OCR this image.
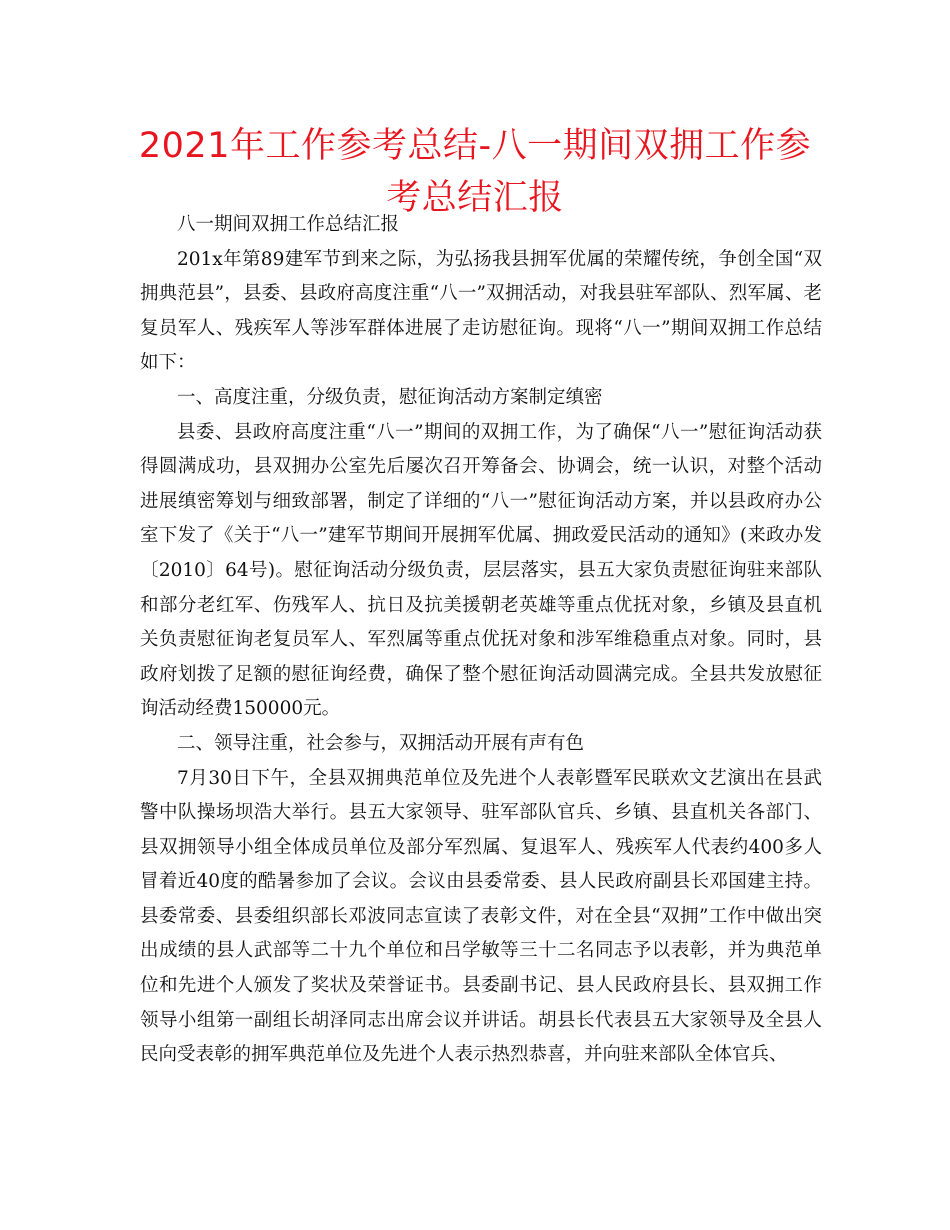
2021年工作参考总结-八一期间双拥工作参考总结汇报

八一期间双拥工作总结汇报

201x年第89建军节到来之际，为弘扬我县拥军优属的荣耀传统，争创全国“双拥典范县”，县委、县政府高度注重“八一”双拥活动，对我县驻军部队、烈军属、老复员军人、残疾军人等涉军群体进展了走访慰征询。现将“八一”期间双拥工作总结如下：

一、高度注重，分级负责，慰征询活动方案制定缜密

县委、县政府高度注重“八一”期间的双拥工作，为了确保“八一”慰征询活动获得圆满成功，县双拥办公室先后屡次召开筹备会、协调会，统一认识，对整个活动进展缜密筹划与细致部署，制定了详细的“八一”慰征询活动方案，并以县政府办公室下发了《关于“八一”建军节期间开展拥军优属、拥政爱民活动的通知》(来政办发〔2010〕64号)。慰征询活动分级负责，层层落实，县五大家负责慰征询驻来部队和部分老红军、伤残军人、抗日及抗美援朝老英雄等重点优抚对象，乡镇及县直机关负责慰征询老复员军人、军烈属等重点优抚对象和涉军维稳重点对象。同时，县政府划拨了足额的慰征询经费，确保了整个慰征询活动圆满完成。全县共发放慰征询活动经费150000元。

二、领导注重，社会参与，双拥活动开展有声有色

7月30日下午，全县双拥典范单位及先进个人表彰暨军民联欢文艺演出在县武警中队操场坝浩大举行。县五大家领导、驻军部队官兵、乡镇、县直机关各部门、县双拥领导小组全体成员单位及部分军烈属、复退军人、残疾军人代表约400多人冒着近40度的酷暑参加了会议。会议由县委常委、县人民政府副县长邓国建主持。县委常委、县委组织部长邓波同志宣读了表彰文件，对在全县“双拥”工作中做出突出成绩的县人武部等二十九个单位和吕学敏等三十二名同志予以表彰，并为典范单位和先进个人颁发了奖状及荣誉证书。县委副书记、县人民政府县长、县双拥工作领导小组第一副组长胡泽同志出席会议并讲话。胡县长代表县五大家领导及全县人民向受表彰的拥军典范单位及先进个人表示热烈恭喜，并向驻来部队全体官兵、
